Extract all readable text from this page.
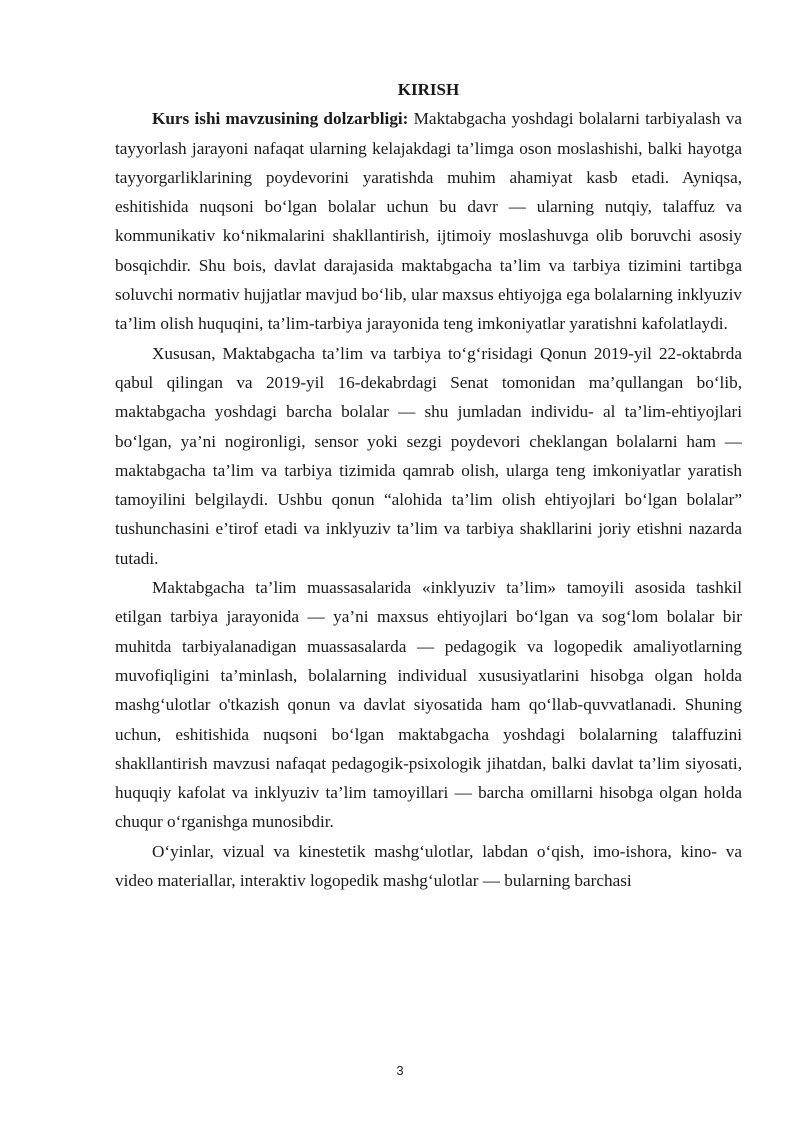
KIRISH

Kurs ishi mavzusining dolzarbligi: Maktabgacha yoshdagi bolalarni tarbiyalash va tayyorlash jarayoni nafaqat ularning kelajakdagi ta’limga oson moslashishi, balki hayotga tayyorgarliklarining poydevorini yaratishda muhim ahamiyat kasb etadi. Ayniqsa, eshitishida nuqsoni bo‘lgan bolalar uchun bu davr — ularning nutqiy, talaffuz va kommunikativ ko‘nikmalarini shakllantirish, ijtimoiy moslashuvga olib boruvchi asosiy bosqichdir. Shu bois, davlat darajasida maktabgacha ta’lim va tarbiya tizimini tartibga soluvchi normativ hujjatlar mavjud bo‘lib, ular maxsus ehtiyojga ega bolalarning inklyuziv ta’lim olish huquqini, ta’lim-tarbiya jarayonida teng imkoniyatlar yaratishni kafolatlaydi.

Xususan, Maktabgacha ta’lim va tarbiya to‘g‘risidagi Qonun 2019-yil 22-oktabrda qabul qilingan va 2019-yil 16-dekabrdagi Senat tomonidan ma’qullangan bo‘lib, maktabgacha yoshdagi barcha bolalar — shu jumladan individu- al ta’lim-ehtiyojlari bo‘lgan, ya’ni nogironligi, sensor yoki sezgi poydevori cheklangan bolalarni ham — maktabgacha ta’lim va tarbiya tizimida qamrab olish, ularga teng imkoniyatlar yaratish tamoyilini belgilaydi. Ushbu qonun “alohida ta’lim olish ehtiyojlari bo‘lgan bolalar” tushunchasini e’tirof etadi va inklyuziv ta’lim va tarbiya shakllarini joriy etishni nazarda tutadi.

Maktabgacha ta’lim muassasalarida «inklyuziv ta’lim» tamoyili asosida tashkil etilgan tarbiya jarayonida — ya’ni maxsus ehtiyojlari bo‘lgan va sog‘lom bolalar bir muhitda tarbiyalanadigan muassasalarda — pedagogik va logopedik amaliyotlarning muvofiqligini ta’minlash, bolalarning individual xususiyatlarini hisobga olgan holda mashg‘ulotlar o'tkazish qonun va davlat siyosatida ham qo‘llab-quvvatlanadi. Shuning uchun, eshitishida nuqsoni bo‘lgan maktabgacha yoshdagi bolalarning talaffuzini shakllantirish mavzusi nafaqat pedagogik-psixologik jihatdan, balki davlat ta’lim siyosati, huquqiy kafolat va inklyuziv ta’lim tamoyillari — barcha omillarni hisobga olgan holda chuqur o‘rganishga munosibdir.

O‘yinlar, vizual va kinestetik mashg‘ulotlar, labdan o‘qish, imo-ishora, kino- va video materiallar, interaktiv logopedik mashg‘ulotlar — bularning barchasi

3
